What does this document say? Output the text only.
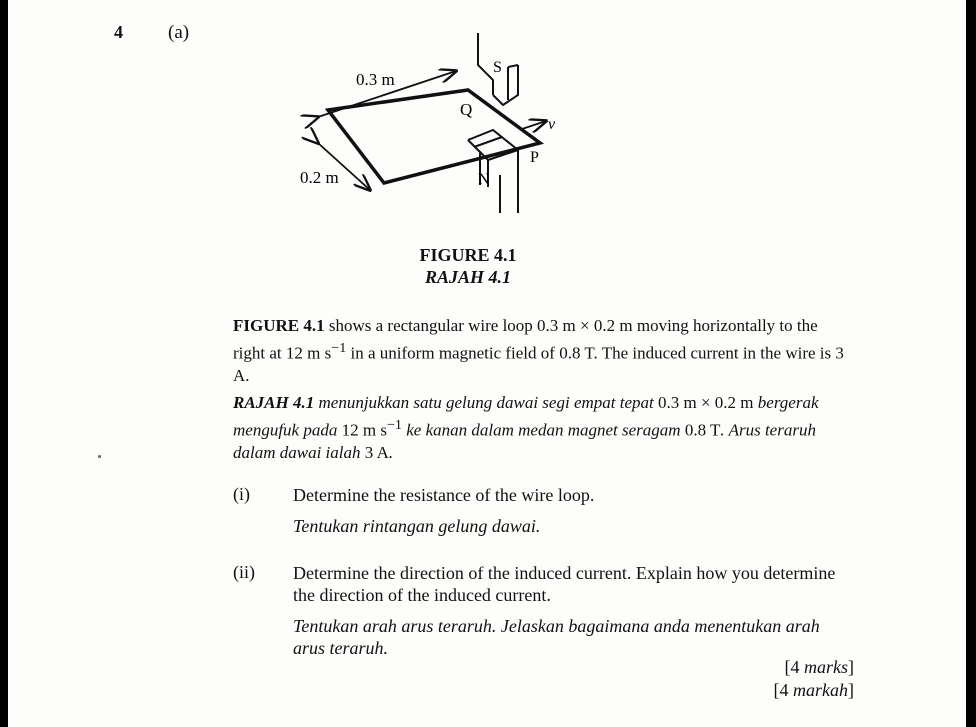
4 (a)
0.3 m
0.2 m
S
Q
v
P
N
FIGURE 4.1
RAJAH 4.1
FIGURE 4.1 shows a rectangular wire loop 0.3 m × 0.2 m moving horizontally to the right at 12 m $s^{-1}$ in a uniform magnetic field of 0.8 T. The induced current in the wire is 3 A.
RAJAH 4.1 menunjukkan satu gelung dawai segi empat tepat 0.3 m × 0.2 m bergerak mengufuk pada 12 m $s^{-1}$ ke kanan dalam medan magnet seragam 0.8 T. Arus teraruh dalam dawai ialah 3 A.
(i) Determine the resistance of the wire loop.
Tentukan rintangan gelung dawai.
(ii) Determine the direction of the induced current. Explain how you determine the direction of the induced current.
Tentukan arah arus teraruh. Jelaskan bagaimana anda menentukan arah arus teraruh.
[4 marks]
[4 markah]
